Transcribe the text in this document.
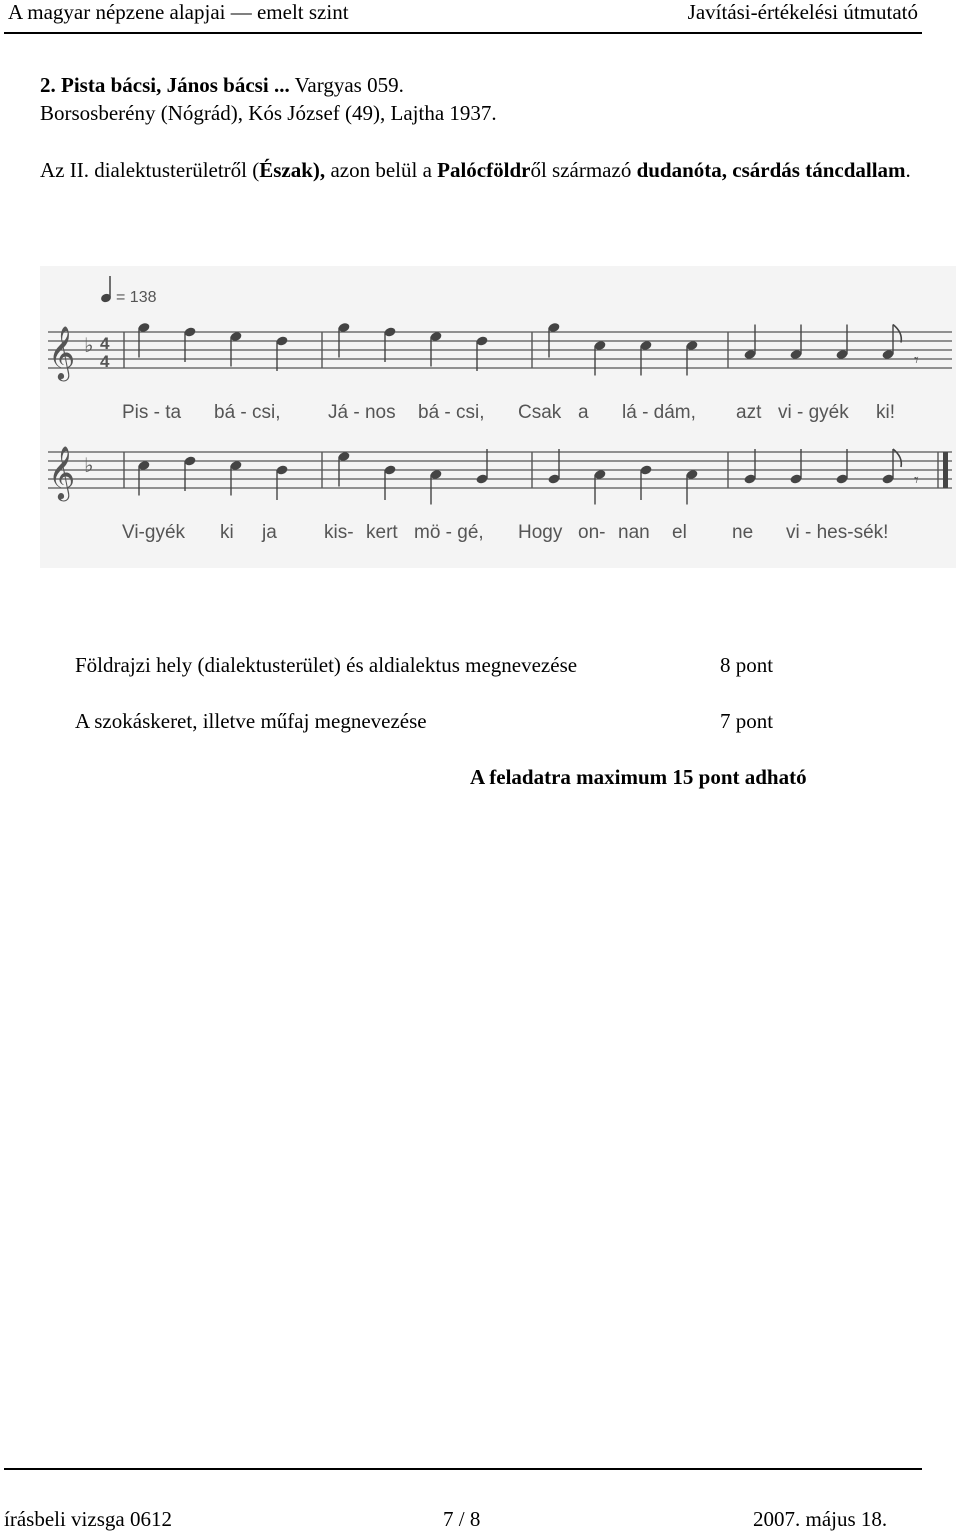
A magyar népzene alapjai — emelt szint	Javítási-értékelési útmutató
2. Pista bácsi, János bácsi ... Vargyas 059.
Borsosberény (Nógrád), Kós József (49), Lajtha 1937.
Az II. dialektusterületről (Észak), azon belül a Palócföldről származó dudanóta, csárdás táncdallam.
= 138
𝄞 ♭ 4
4	𝄾
𝄞 ♭
𝄾
Pis - ta bá - csi, Já - nos bá - csi, Csak a lá - dám, azt vi - gyék ki!
Vi-gyék ki ja kis- kert mö - gé, Hogy on- nan el ne vi - hes-sék!
Földrajzi hely (dialektusterület) és aldialektus megnevezése	8 pont
A szokáskeret, illetve műfaj megnevezése	7 pont
A feladatra maximum 15 pont adható
írásbeli vizsga 0612	7 / 8	2007. május 18.
